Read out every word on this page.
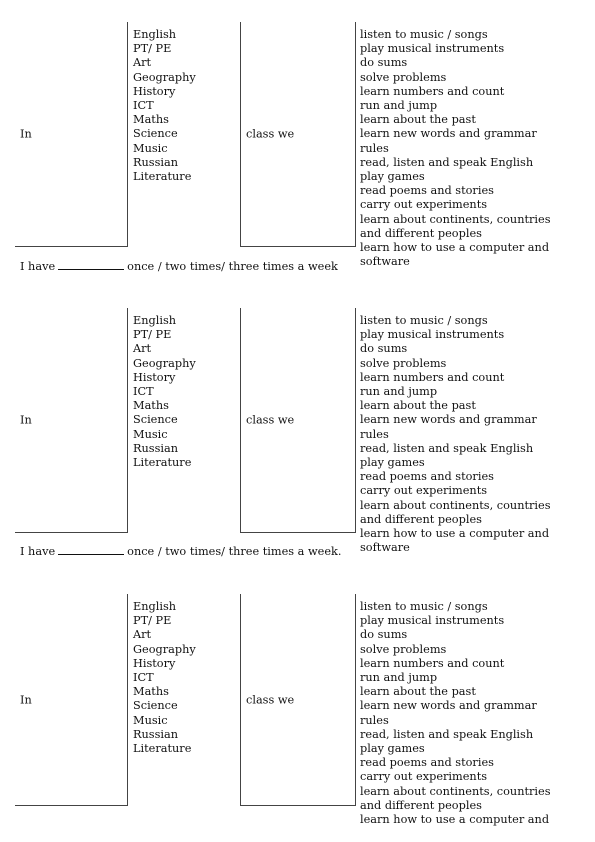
In
English
PT/ PE
Art
Geography
History
ICT
Maths
Science
Music
Russian
Literature
class we
listen to music / songs
play musical instruments
do sums
solve problems
learn numbers and count
run and jump
learn about the past
learn new words and grammar rules
read, listen and speak English
play games
read poems and stories
carry out experiments
learn about continents, countries and different peoples
learn how to use a computer and software
I have	once / two times/ three times a week
In
English
PT/ PE
Art
Geography
History
ICT
Maths
Science
Music
Russian
Literature
class we
listen to music / songs
play musical instruments
do sums
solve problems
learn numbers and count
run and jump
learn about the past
learn new words and grammar rules
read, listen and speak English
play games
read poems and stories
carry out experiments
learn about continents, countries and different peoples
learn how to use a computer and software
I have	once / two times/ three times a week.
In
English
PT/ PE
Art
Geography
History
ICT
Maths
Science
Music
Russian
Literature
class we
listen to music / songs
play musical instruments
do sums
solve problems
learn numbers and count
run and jump
learn about the past
learn new words and grammar rules
read, listen and speak English
play games
read poems and stories
carry out experiments
learn about continents, countries and different peoples
learn how to use a computer and
